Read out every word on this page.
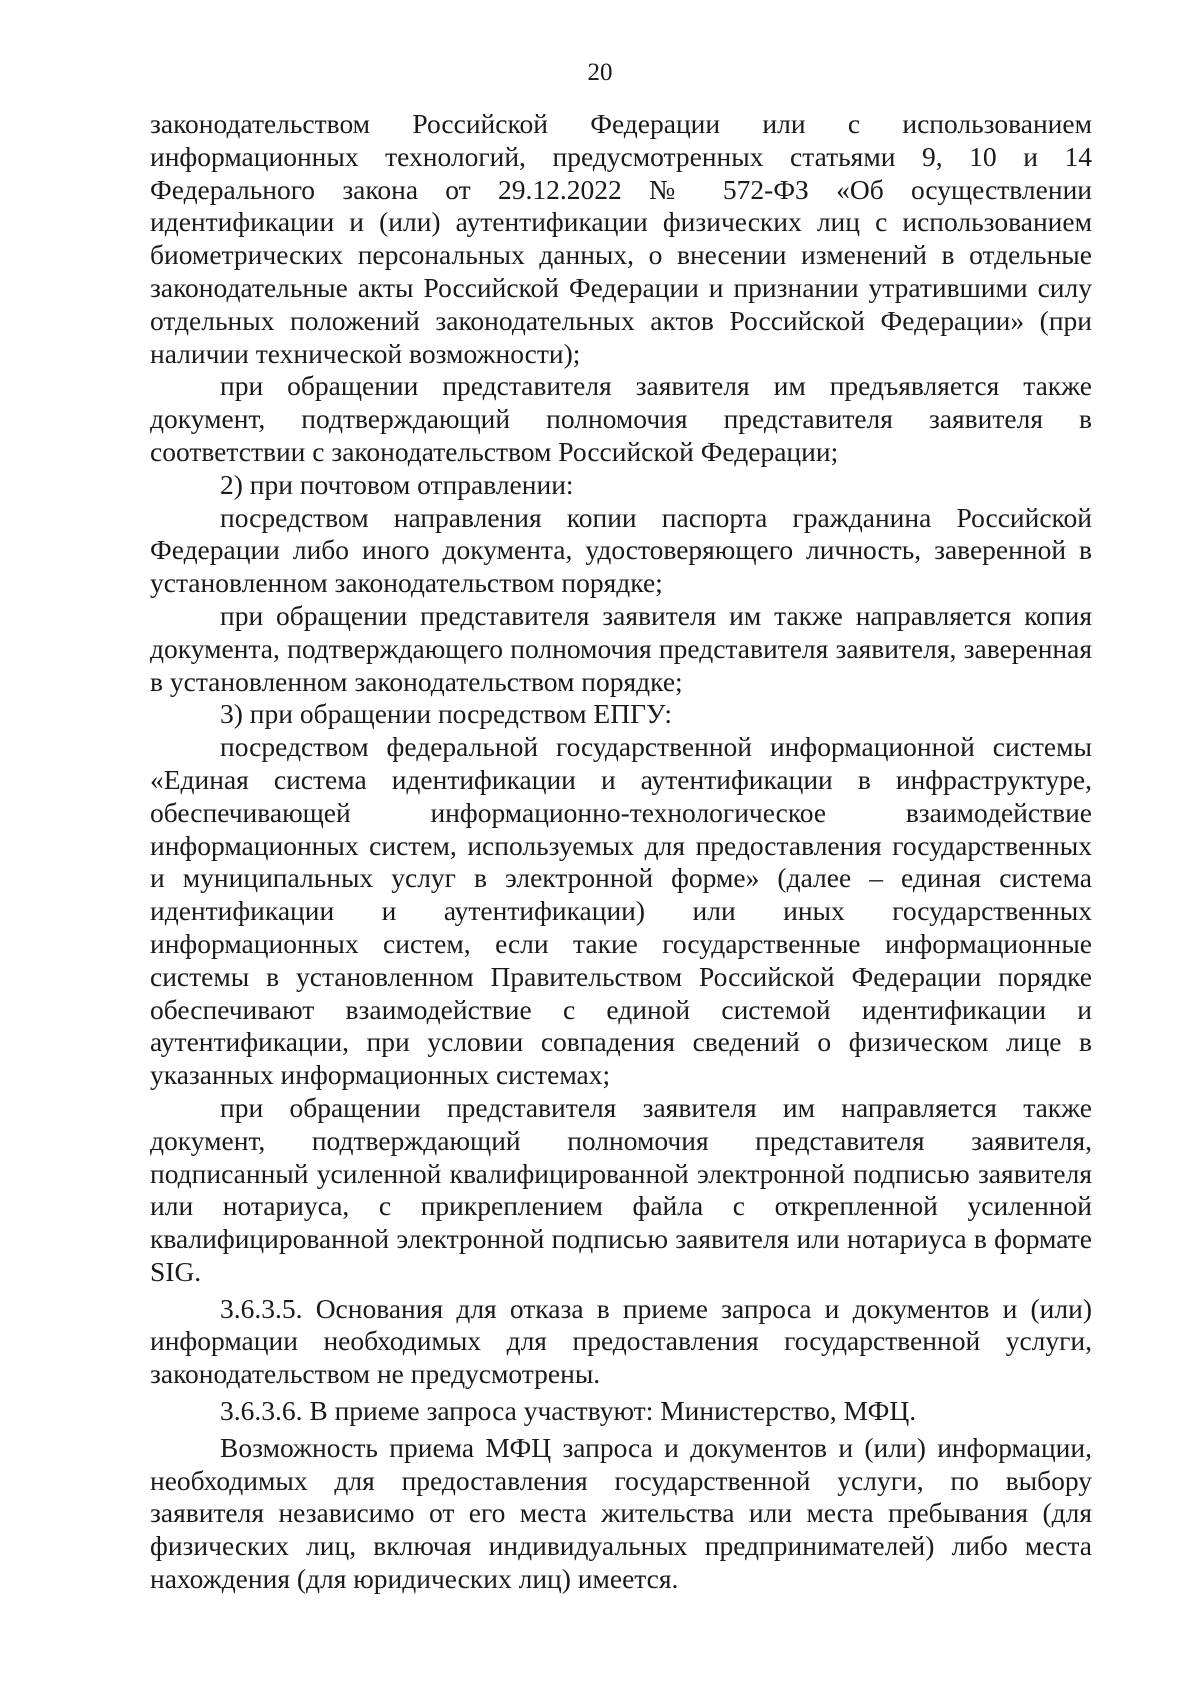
20

законодательством Российской Федерации или с использованием информационных технологий, предусмотренных статьями 9, 10 и 14 Федерального закона от 29.12.2022 № 572-ФЗ «Об осуществлении идентификации и (или) аутентификации физических лиц с использованием биометрических персональных данных, о внесении изменений в отдельные законодательные акты Российской Федерации и признании утратившими силу отдельных положений законодательных актов Российской Федерации» (при наличии технической возможности);

при обращении представителя заявителя им предъявляется также документ, подтверждающий полномочия представителя заявителя в соответствии с законодательством Российской Федерации;

2) при почтовом отправлении:

посредством направления копии паспорта гражданина Российской Федерации либо иного документа, удостоверяющего личность, заверенной в установленном законодательством порядке;

при обращении представителя заявителя им также направляется копия документа, подтверждающего полномочия представителя заявителя, заверенная в установленном законодательством порядке;

3) при обращении посредством ЕПГУ:

посредством федеральной государственной информационной системы «Единая система идентификации и аутентификации в инфраструктуре, обеспечивающей информационно-технологическое взаимодействие информационных систем, используемых для предоставления государственных и муниципальных услуг в электронной форме» (далее – единая система идентификации и аутентификации) или иных государственных информационных систем, если такие государственные информационные системы в установленном Правительством Российской Федерации порядке обеспечивают взаимодействие с единой системой идентификации и аутентификации, при условии совпадения сведений о физическом лице в указанных информационных системах;

при обращении представителя заявителя им направляется также документ, подтверждающий полномочия представителя заявителя, подписанный усиленной квалифицированной электронной подписью заявителя или нотариуса, с прикреплением файла с открепленной усиленной квалифицированной электронной подписью заявителя или нотариуса в формате SIG.

3.6.3.5. Основания для отказа в приеме запроса и документов и (или) информации необходимых для предоставления государственной услуги, законодательством не предусмотрены.

3.6.3.6. В приеме запроса участвуют: Министерство, МФЦ.

Возможность приема МФЦ запроса и документов и (или) информации, необходимых для предоставления государственной услуги, по выбору заявителя независимо от его места жительства или места пребывания (для физических лиц, включая индивидуальных предпринимателей) либо места нахождения (для юридических лиц) имеется.
